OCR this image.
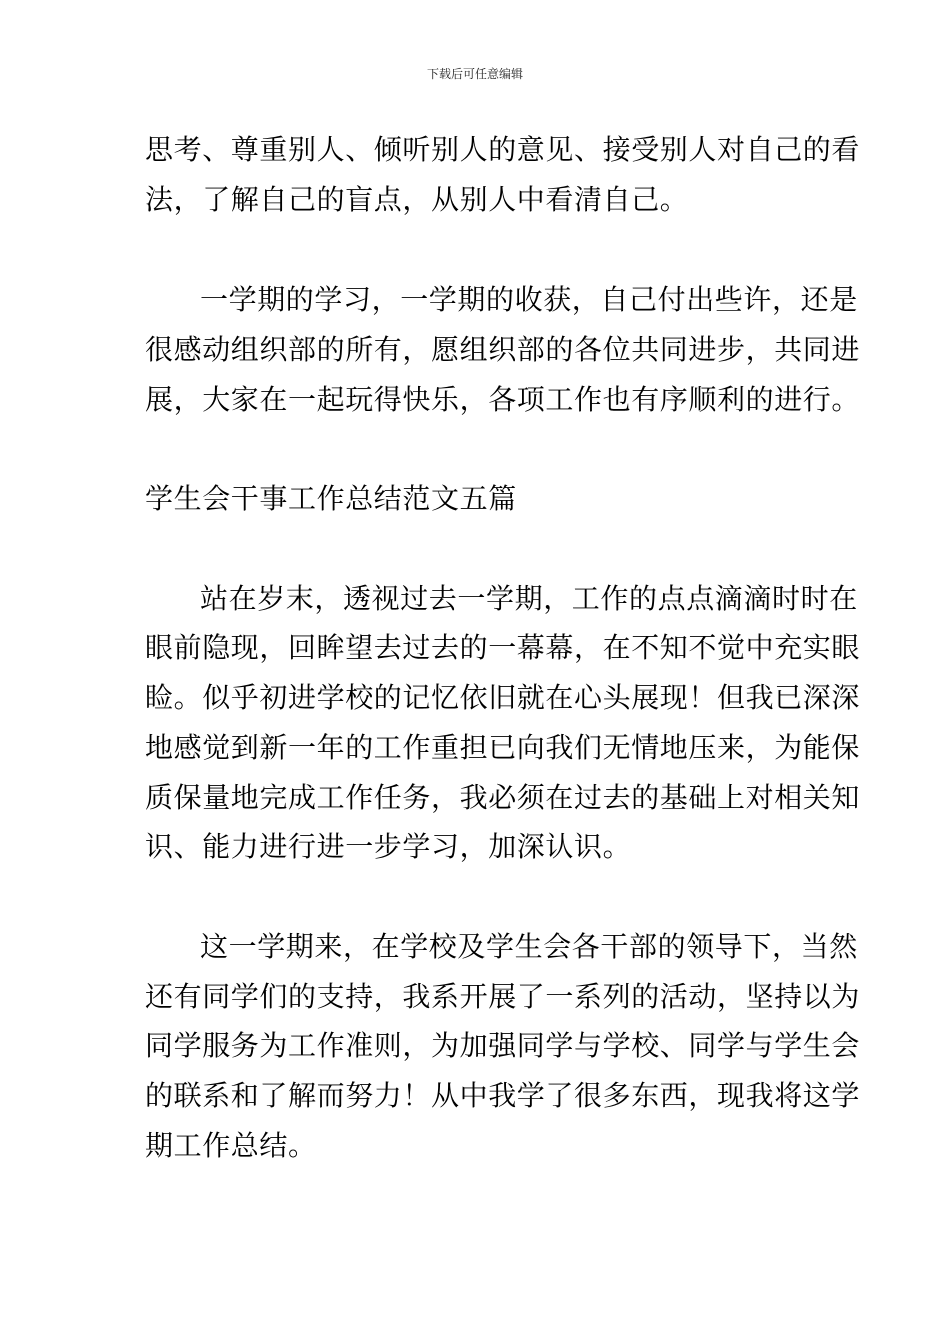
下载后可任意编辑
思考、尊重别人、倾听别人的意见、接受别人对自己的看
法，了解自己的盲点，从别人中看清自己。
一学期的学习，一学期的收获，自己付出些许，还是
很感动组织部的所有，愿组织部的各位共同进步，共同进
展，大家在一起玩得快乐，各项工作也有序顺利的进行。
学生会干事工作总结范文五篇
站在岁末，透视过去一学期，工作的点点滴滴时时在
眼前隐现，回眸望去过去的一幕幕，在不知不觉中充实眼
睑。似乎初进学校的记忆依旧就在心头展现！但我已深深
地感觉到新一年的工作重担已向我们无情地压来，为能保
质保量地完成工作任务，我必须在过去的基础上对相关知
识、能力进行进一步学习，加深认识。
这一学期来，在学校及学生会各干部的领导下，当然
还有同学们的支持，我系开展了一系列的活动，坚持以为
同学服务为工作准则，为加强同学与学校、同学与学生会
的联系和了解而努力！从中我学了很多东西，现我将这学
期工作总结。
